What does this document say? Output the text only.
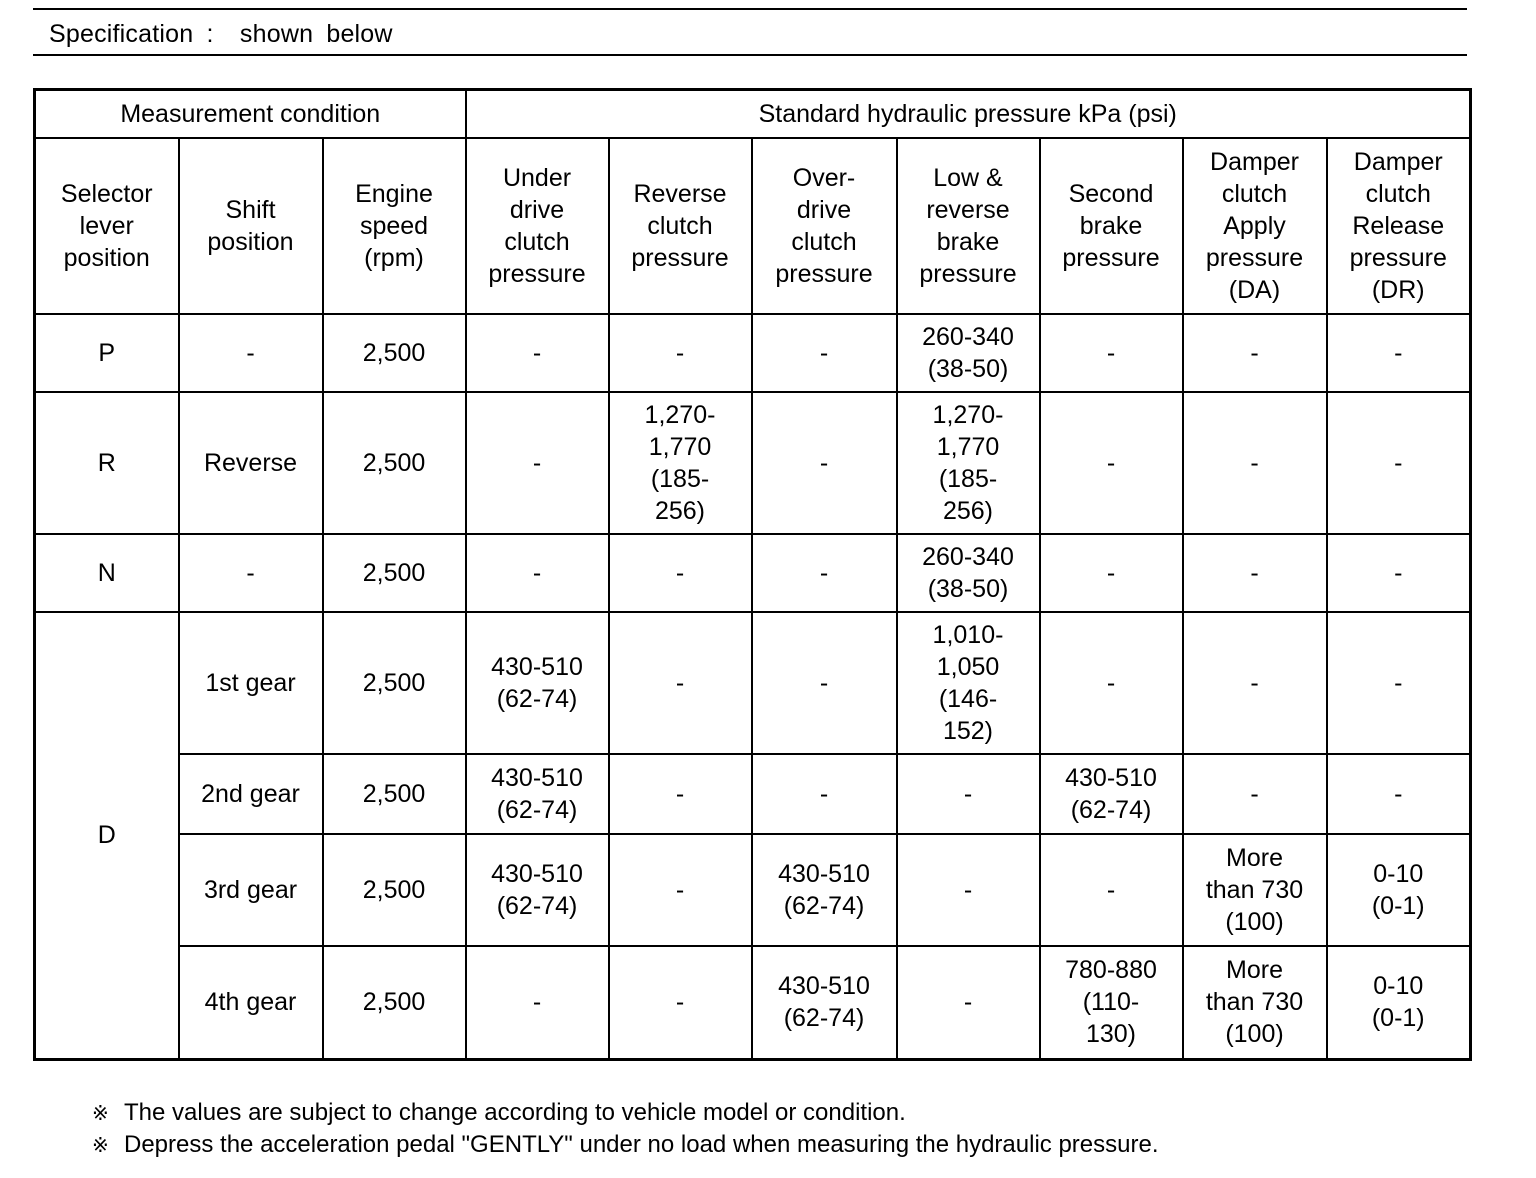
Specification :  shown below
Measurement condition			Standard hydraulic pressure kPa (psi)						
Selector
lever
position	Shift
position	Engine
speed
(rpm)	Under
drive
clutch
pressure	Reverse
clutch
pressure	Over-
drive
clutch
pressure	Low &
reverse
brake
pressure	Second
brake
pressure	Damper
clutch
Apply
pressure
(DA)	Damper
clutch
Release
pressure
(DR)
P	-	2,500	-	-	-	260-340
(38-50)	-	-	-
R	Reverse	2,500	-	1,270-
1,770
(185-
256)	-	1,270-
1,770
(185-
256)	-	-	-
N	-	2,500	-	-	-	260-340
(38-50)	-	-	-
D	1st gear	2,500	430-510
(62-74)	-	-	1,010-
1,050
(146-
152)	-	-	-
	2nd gear	2,500	430-510
(62-74)	-	-	-	430-510
(62-74)	-	-
	3rd gear	2,500	430-510
(62-74)	-	430-510
(62-74)	-	-	More
than 730
(100)	0-10
(0-1)
	4th gear	2,500	-	-	430-510
(62-74)	-	780-880
(110-
130)	More
than 730
(100)	0-10
(0-1)
※ The values are subject to change according to vehicle model or condition.
※ Depress the acceleration pedal "GENTLY" under no load when measuring the hydraulic pressure.
